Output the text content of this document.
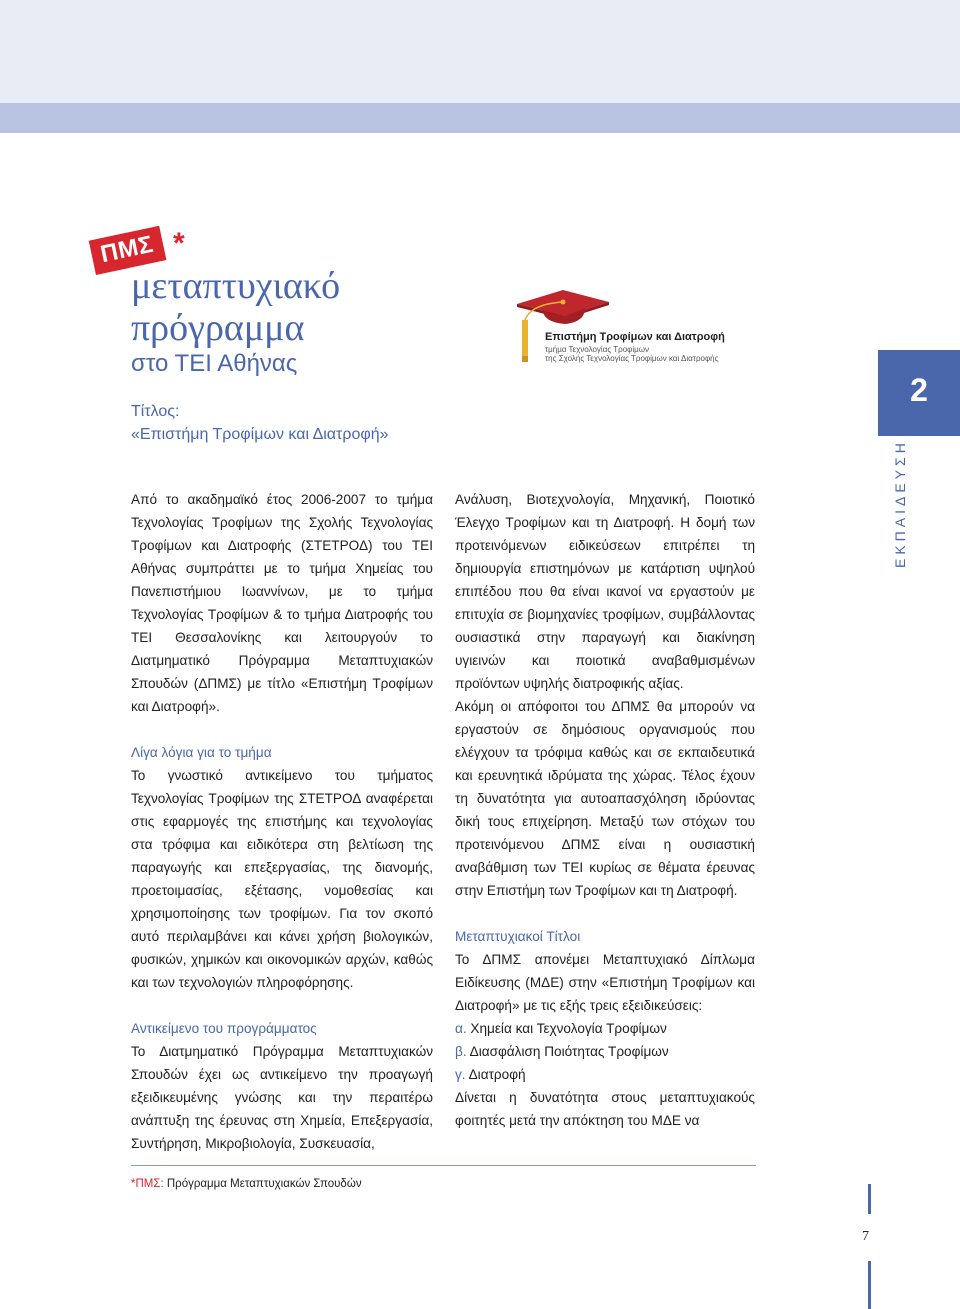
ΠΜΣ *
μεταπτυχιακό
πρόγραμμα
στο ΤΕΙ Αθήνας
Επιστήμη Τροφίμων και Διατροφή
τμήμα Τεχνολογίας Τροφίμων
της Σχολής Τεχνολογίας Τροφίμων και Διατροφής
2
ΕΚΠΑΙΔΕΥΣΗ
Τίτλος:
«Επιστήμη Τροφίμων και Διατροφή»

Από το ακαδημαϊκό έτος 2006-2007 το τμήμα Τεχνολογίας Τροφίμων της Σχολής Τεχνολογίας Τροφίμων και Διατροφής (ΣΤΕΤΡΟΔ) του ΤΕΙ Αθήνας συμπράττει με το τμήμα Χημείας του Πανεπιστήμιου Ιωαννίνων, με το τμήμα Τεχνολογίας Τροφίμων & το τμήμα Διατροφής του ΤΕΙ Θεσσαλονίκης και λειτουργούν το Διατμηματικό Πρόγραμμα Μεταπτυχιακών Σπουδών (ΔΠΜΣ) με τίτλο «Επιστήμη Τροφίμων και Διατροφή».

Λίγα λόγια για το τμήμα

Το γνωστικό αντικείμενο του τμήματος Τεχνολογίας Τροφίμων της ΣΤΕΤΡΟΔ αναφέρεται στις εφαρμογές της επιστήμης και τεχνολογίας στα τρόφιμα και ειδικότερα στη βελτίωση της παραγωγής και επεξεργασίας, της διανομής, προετοιμασίας, εξέτασης, νομοθεσίας και χρησιμοποίησης των τροφίμων. Για τον σκοπό αυτό περιλαμβάνει και κάνει χρήση βιολογικών, φυσικών, χημικών και οικονομικών αρχών, καθώς και των τεχνολογιών πληροφόρησης.

Αντικείμενο του προγράμματος

Το Διατμηματικό Πρόγραμμα Μεταπτυχιακών Σπουδών έχει ως αντικείμενο την προαγωγή εξειδικευμένης γνώσης και την περαιτέρω ανάπτυξη της έρευνας στη Χημεία, Επεξεργασία, Συντήρηση, Μικροβιολογία, Συσκευασία,

Ανάλυση, Βιοτεχνολογία, Μηχανική, Ποιοτικό Έλεγχο Τροφίμων και τη Διατροφή. Η δομή των προτεινόμενων ειδικεύσεων επιτρέπει τη δημιουργία επιστημόνων με κατάρτιση υψηλού επιπέδου που θα είναι ικανοί να εργαστούν με επιτυχία σε βιομηχανίες τροφίμων, συμβάλλοντας ουσιαστικά στην παραγωγή και διακίνηση υγιεινών και ποιοτικά αναβαθμισμένων προϊόντων υψηλής διατροφικής αξίας.

Ακόμη οι απόφοιτοι του ΔΠΜΣ θα μπορούν να εργαστούν σε δημόσιους οργανισμούς που ελέγχουν τα τρόφιμα καθώς και σε εκπαιδευτικά και ερευνητικά ιδρύματα της χώρας. Τέλος έχουν τη δυνατότητα για αυτοαπασχόληση ιδρύοντας δική τους επιχείρηση. Μεταξύ των στόχων του προτεινόμενου ΔΠΜΣ είναι η ουσιαστική αναβάθμιση των ΤΕΙ κυρίως σε θέματα έρευνας στην Επιστήμη των Τροφίμων και τη Διατροφή.

Μεταπτυχιακοί Τίτλοι

Το ΔΠΜΣ απονέμει Μεταπτυχιακό Δίπλωμα Ειδίκευσης (ΜΔΕ) στην «Επιστήμη Τροφίμων και Διατροφή» με τις εξής τρεις εξειδικεύσεις:

α. Χημεία και Τεχνολογία Τροφίμων

β. Διασφάλιση Ποιότητας Τροφίμων

γ. Διατροφή

Δίνεται η δυνατότητα στους μεταπτυχιακούς φοιτητές μετά την απόκτηση του ΜΔΕ να

*ΠΜΣ: Πρόγραμμα Μεταπτυχιακών Σπουδών
7
